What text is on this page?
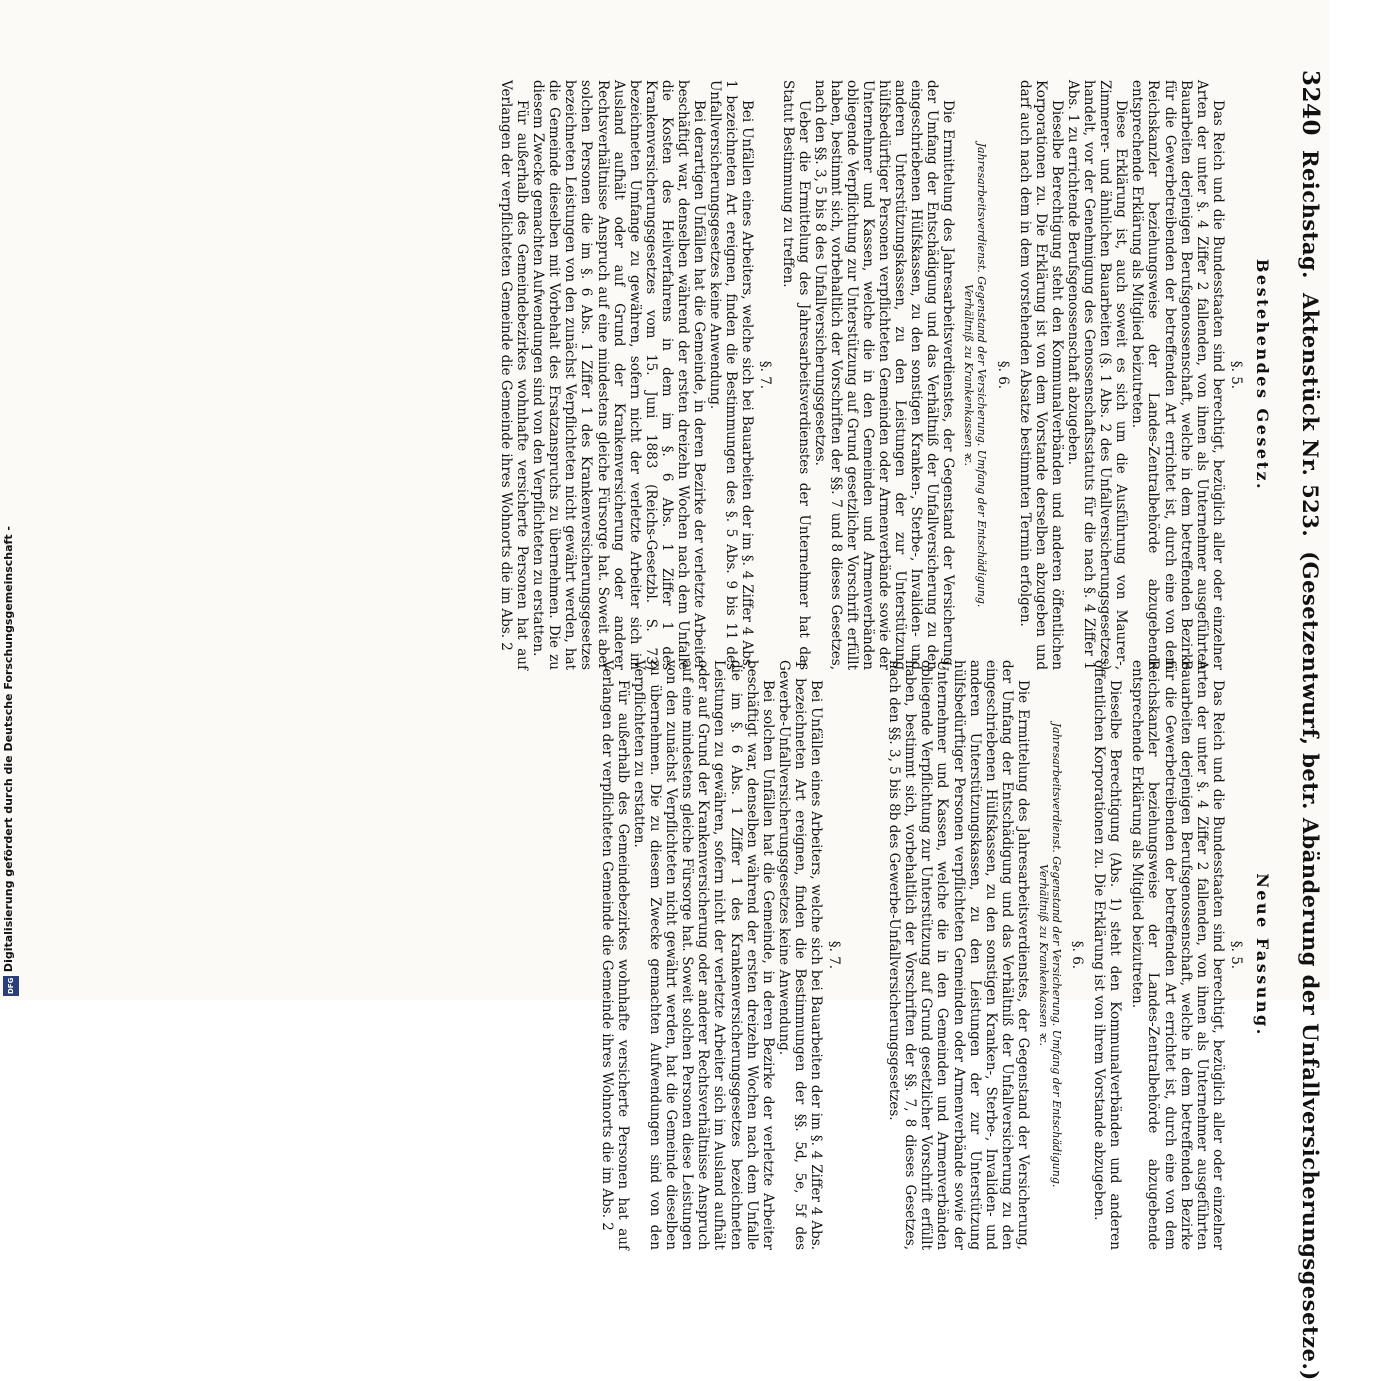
3240
Reichstag.
Aktenstück Nr. 523.
(Gesetzentwurf, betr. Abänderung der Unfallversicherungsgesetze.)
Bestehendes Gesetz.
§. 5.

Das Reich und die Bundesstaaten sind berechtigt, bezüglich aller oder einzelner Arten der unter §. 4 Ziffer 2 fallenden, von ihnen als Unternehmer ausgeführten Bauarbeiten derjenigen Berufsgenossenschaft, welche in dem betreffenden Bezirke für die Gewerbetreibenden der betreffenden Art errichtet ist, durch eine von dem Reichskanzler beziehungsweise der Landes-Zentralbehörde abzugebende entsprechende Erklärung als Mitglied beizutreten.

Diese Erklärung ist, auch soweit es sich um die Ausführung von Maurer-, Zimmerer- und ähnlichen Bauarbeiten (§. 1 Abs. 2 des Unfallversicherungsgesetzes) handelt, vor der Genehmigung des Genossenschaftsstatuts für die nach §. 4 Ziffer 1 Abs. 1 zu errichtende Berufsgenossenschaft abzugeben.

Dieselbe Berechtigung steht den Kommunalverbänden und anderen öffentlichen Korporationen zu. Die Erklärung ist von dem Vorstande derselben abzugeben und darf auch nach dem in dem vorstehenden Absatze bestimmten Termin erfolgen.

§. 6.
Jahresarbeitsverdienst. Gegenstand der Versicherung. Umfang der Entschädigung. Verhältniß zu Krankenkassen ꝛc.

Die Ermittelung des Jahresarbeitsverdienstes, der Gegenstand der Versicherung, der Umfang der Entschädigung und das Verhältniß der Unfallversicherung zu den eingeschriebenen Hülfskassen, zu den sonstigen Kranken-, Sterbe-, Invaliden- und anderen Unterstützungskassen, zu den Leistungen der zur Unterstützung hülfsbedürftiger Personen verpflichteten Gemeinden oder Armenverbände sowie der Unternehmer und Kassen, welche die in den Gemeinden und Armenverbänden obliegende Verpflichtung zur Unterstützung auf Grund gesetzlicher Vorschrift erfüllt haben, bestimmt sich, vorbehaltlich der Vorschriften der §§. 7 und 8 dieses Gesetzes, nach den §§. 3, 5 bis 8 des Unfallversicherungsgesetzes.

Ueber die Ermittelung des Jahresarbeitsverdienstes der Unternehmer hat das Statut Bestimmung zu treffen.

§. 7.

Bei Unfällen eines Arbeiters, welche sich bei Bauarbeiten der im §. 4 Ziffer 4 Abs. 1 bezeichneten Art ereignen, finden die Bestimmungen des §. 5 Abs. 9 bis 11 des Unfallversicherungsgesetzes keine Anwendung.

Bei derartigen Unfällen hat die Gemeinde, in deren Bezirke der verletzte Arbeiter beschäftigt war, denselben während der ersten dreizehn Wochen nach dem Unfalle die Kosten des Heilverfahrens in dem im §. 6 Abs. 1 Ziffer 1 des Krankenversicherungsgesetzes vom 15. Juni 1883 (Reichs-Gesetzbl. S. 73) bezeichneten Umfange zu gewähren, sofern nicht der verletzte Arbeiter sich im Ausland aufhält oder auf Grund der Krankenversicherung oder anderer Rechtsverhältnisse Anspruch auf eine mindestens gleiche Fürsorge hat. Soweit aber solchen Personen die im §. 6 Abs. 1 Ziffer 1 des Krankenversicherungsgesetzes bezeichneten Leistungen von den zunächst Verpflichteten nicht gewährt werden, hat die Gemeinde dieselben mit Vorbehalt des Ersatzanspruchs zu übernehmen. Die zu diesem Zwecke gemachten Aufwendungen sind von den Verpflichteten zu erstatten.

Für außerhalb des Gemeindebezirkes wohnhafte versicherte Personen hat auf Verlangen der verpflichteten Gemeinde die Gemeinde ihres Wohnorts die im Abs. 2

Neue Fassung.
§. 5.

Das Reich und die Bundesstaaten sind berechtigt, bezüglich aller oder einzelner Arten der unter §. 4 Ziffer 2 fallenden, von ihnen als Unternehmer ausgeführten Bauarbeiten derjenigen Berufsgenossenschaft, welche in dem betreffenden Bezirke für die Gewerbetreibenden der betreffenden Art errichtet ist, durch eine von dem Reichskanzler beziehungsweise der Landes-Zentralbehörde abzugebende entsprechende Erklärung als Mitglied beizutreten.

Dieselbe Berechtigung (Abs. 1) steht den Kommunalverbänden und anderen öffentlichen Korporationen zu. Die Erklärung ist von ihrem Vorstande abzugeben.

§. 6.
Jahresarbeitsverdienst. Gegenstand der Versicherung. Umfang der Entschädigung. Verhältniß zu Krankenkassen ꝛc.

Die Ermittelung des Jahresarbeitsverdienstes, der Gegenstand der Versicherung, der Umfang der Entschädigung und das Verhältniß der Unfallversicherung zu den eingeschriebenen Hülfskassen, zu den sonstigen Kranken-, Sterbe-, Invaliden- und anderen Unterstützungskassen, zu den Leistungen der zur Unterstützung hülfsbedürftiger Personen verpflichteten Gemeinden oder Armenverbände sowie der Unternehmer und Kassen, welche die in den Gemeinden und Armenverbänden obliegende Verpflichtung zur Unterstützung auf Grund gesetzlicher Vorschrift erfüllt haben, bestimmt sich, vorbehaltlich der Vorschriften der §§. 7, 8 dieses Gesetzes, nach den §§. 3, 5 bis 8b des Gewerbe-Unfallversicherungsgesetzes.

§. 7.

Bei Unfällen eines Arbeiters, welche sich bei Bauarbeiten der im §. 4 Ziffer 4 Abs. 1 bezeichneten Art ereignen, finden die Bestimmungen der §§. 5d, 5e, 5f des Gewerbe-Unfallversicherungsgesetzes keine Anwendung.

Bei solchen Unfällen hat die Gemeinde, in deren Bezirke der verletzte Arbeiter beschäftigt war, denselben während der ersten dreizehn Wochen nach dem Unfalle die im §. 6 Abs. 1 Ziffer 1 des Krankenversicherungsgesetzes bezeichneten Leistungen zu gewähren, sofern nicht der verletzte Arbeiter sich im Ausland aufhält oder auf Grund der Krankenversicherung oder anderer Rechtsverhältnisse Anspruch auf eine mindestens gleiche Fürsorge hat. Soweit solchen Personen diese Leistungen von den zunächst Verpflichteten nicht gewährt werden, hat die Gemeinde dieselben zu übernehmen. Die zu diesem Zwecke gemachten Aufwendungen sind von den Verpflichteten zu erstatten.

Für außerhalb des Gemeindebezirkes wohnhafte versicherte Personen hat auf Verlangen der verpflichteten Gemeinde die Gemeinde ihres Wohnorts die im Abs. 2

Digitalisierung gefördert durch die Deutsche Forschungsgemeinschaft -
DFG
